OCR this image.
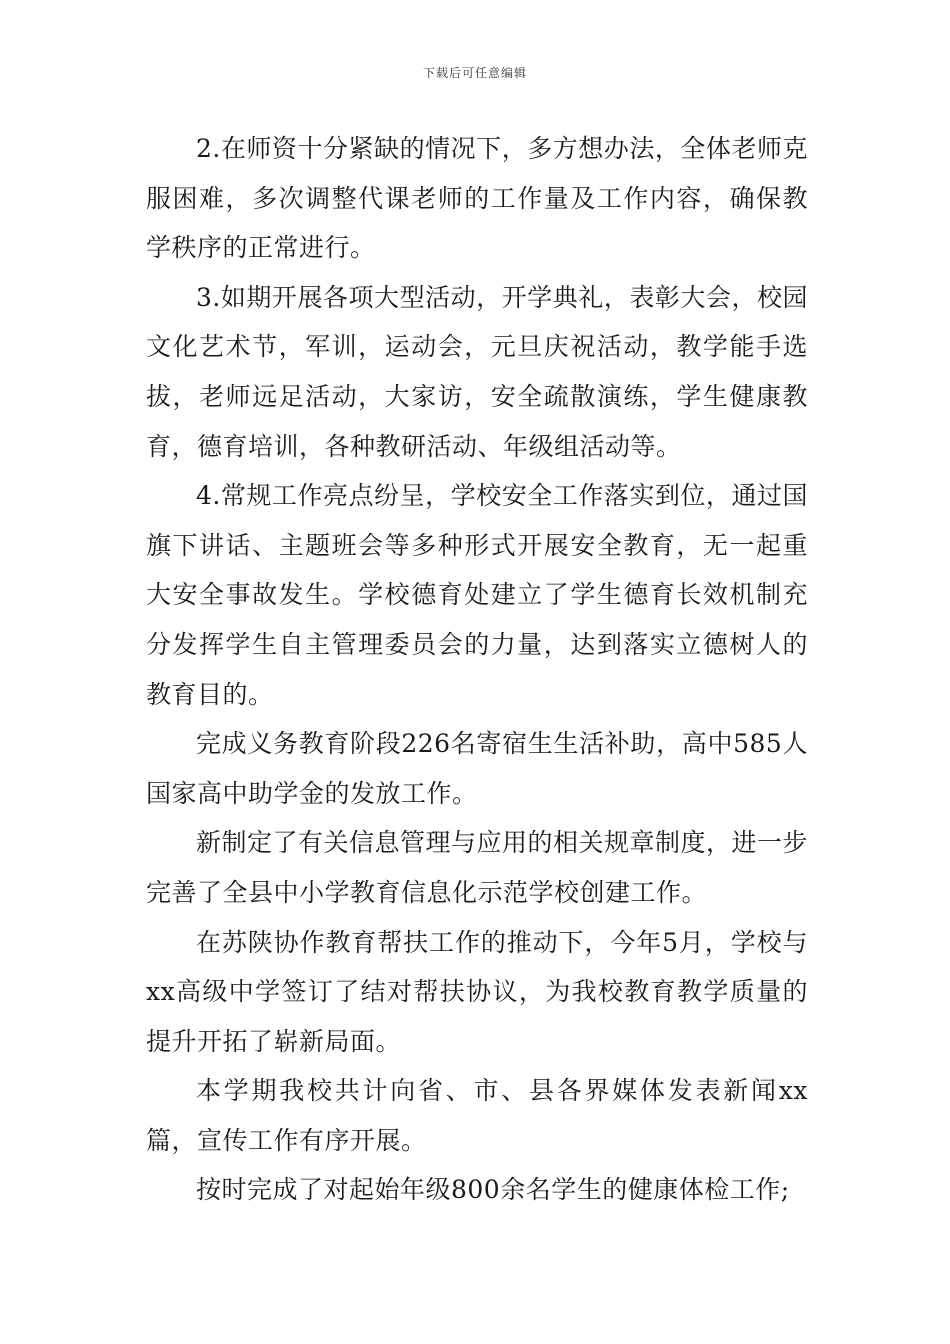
下载后可任意编辑

2.在师资十分紧缺的情况下，多方想办法，全体老师克服困难，多次调整代课老师的工作量及工作内容，确保教学秩序的正常进行。

3.如期开展各项大型活动，开学典礼，表彰大会，校园文化艺术节，军训，运动会，元旦庆祝活动，教学能手选拔，老师远足活动，大家访，安全疏散演练，学生健康教育，德育培训，各种教研活动、年级组活动等。

4.常规工作亮点纷呈，学校安全工作落实到位，通过国旗下讲话、主题班会等多种形式开展安全教育，无一起重大安全事故发生。学校德育处建立了学生德育长效机制充分发挥学生自主管理委员会的力量，达到落实立德树人的教育目的。

完成义务教育阶段226名寄宿生生活补助，高中585人国家高中助学金的发放工作。

新制定了有关信息管理与应用的相关规章制度，进一步完善了全县中小学教育信息化示范学校创建工作。

在苏陕协作教育帮扶工作的推动下，今年5月，学校与xx高级中学签订了结对帮扶协议，为我校教育教学质量的提升开拓了崭新局面。

本学期我校共计向省、市、县各界媒体发表新闻xx篇，宣传工作有序开展。

按时完成了对起始年级800余名学生的健康体检工作;
